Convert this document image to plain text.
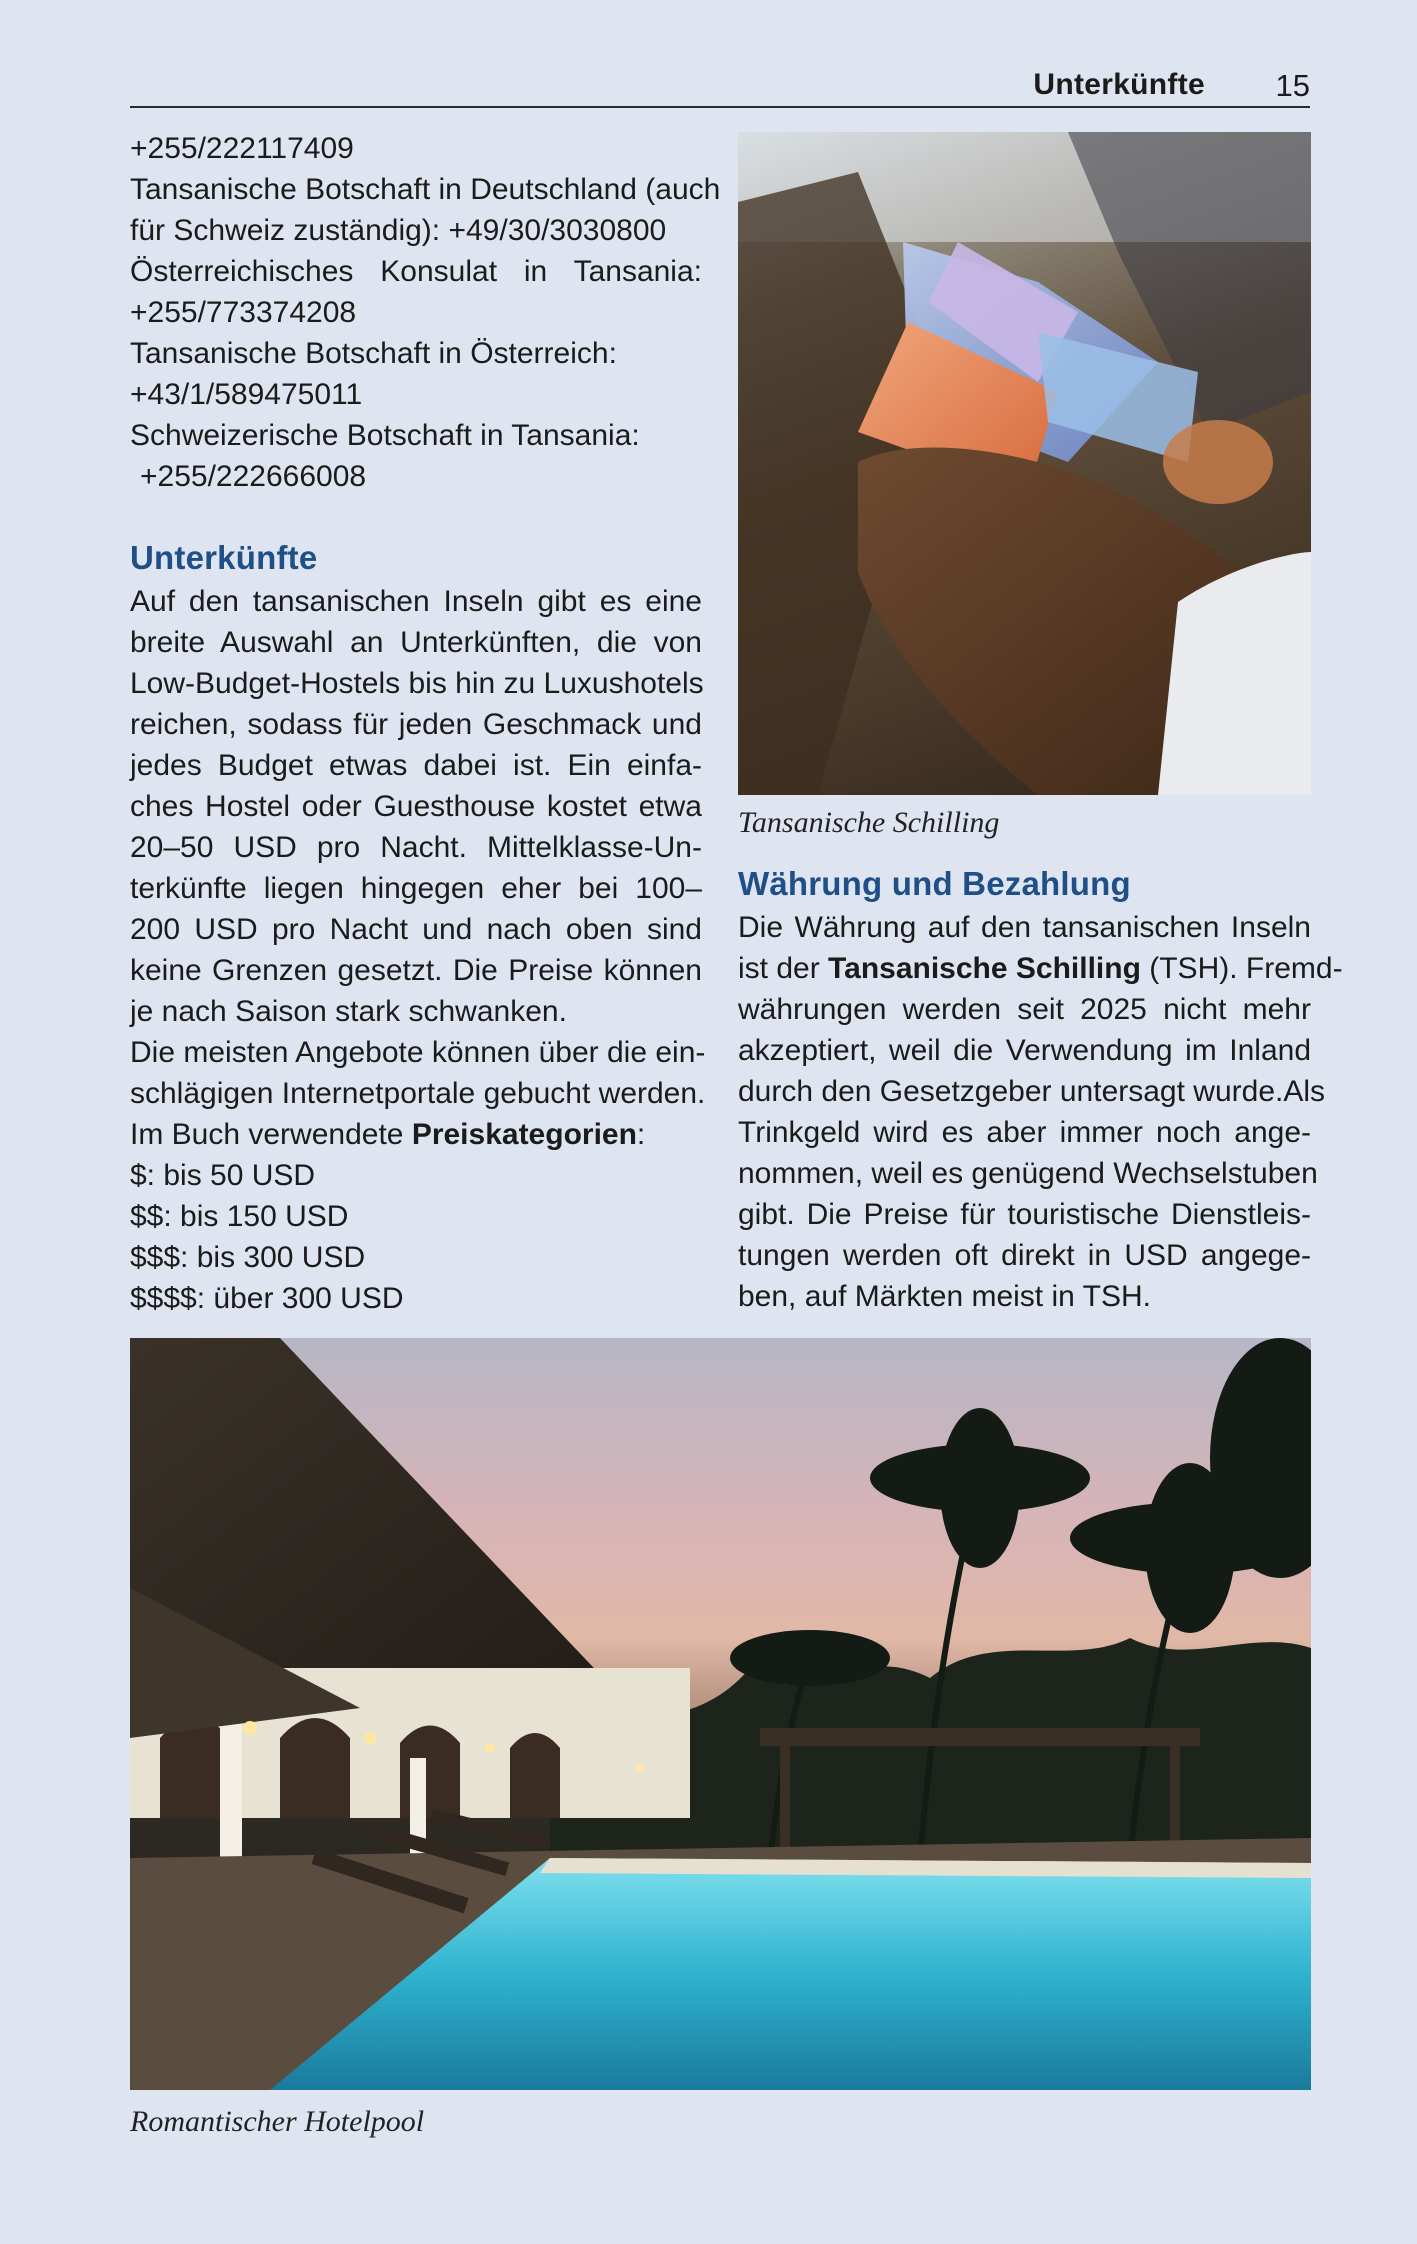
Unterkünfte 15
+255/222117409
Tansanische Botschaft in Deutschland (auch
für Schweiz zuständig): +49/30/3030800
Österreichisches Konsulat in Tansania:
+255/773374208
Tansanische Botschaft in Österreich:
+43/1/589475011
Schweizerische Botschaft in Tansania:
+255/222666008
Unterkünfte
Auf den tansanischen Inseln gibt es eine
breite Auswahl an Unterkünften, die von
Low-Budget-Hostels bis hin zu Luxushotels
reichen, sodass für jeden Geschmack und
jedes Budget etwas dabei ist. Ein einfa-
ches Hostel oder Guesthouse kostet etwa
20–50 USD pro Nacht. Mittelklasse-Un-
terkünfte liegen hingegen eher bei 100–
200 USD pro Nacht und nach oben sind
keine Grenzen gesetzt. Die Preise können
je nach Saison stark schwanken.
Die meisten Angebote können über die ein-
schlägigen Internetportale gebucht werden.
Im Buch verwendete Preiskategorien:
$: bis 50 USD
$$: bis 150 USD
$$$: bis 300 USD
$$$$: über 300 USD
Tansanische Schilling
Währung und Bezahlung
Die Währung auf den tansanischen Inseln
ist der Tansanische Schilling (TSH). Fremd-
währungen werden seit 2025 nicht mehr
akzeptiert, weil die Verwendung im Inland
durch den Gesetzgeber untersagt wurde.Als
Trinkgeld wird es aber immer noch ange-
nommen, weil es genügend Wechselstuben
gibt. Die Preise für touristische Dienstleis-
tungen werden oft direkt in USD angege-
ben, auf Märkten meist in TSH.
Romantischer Hotelpool
